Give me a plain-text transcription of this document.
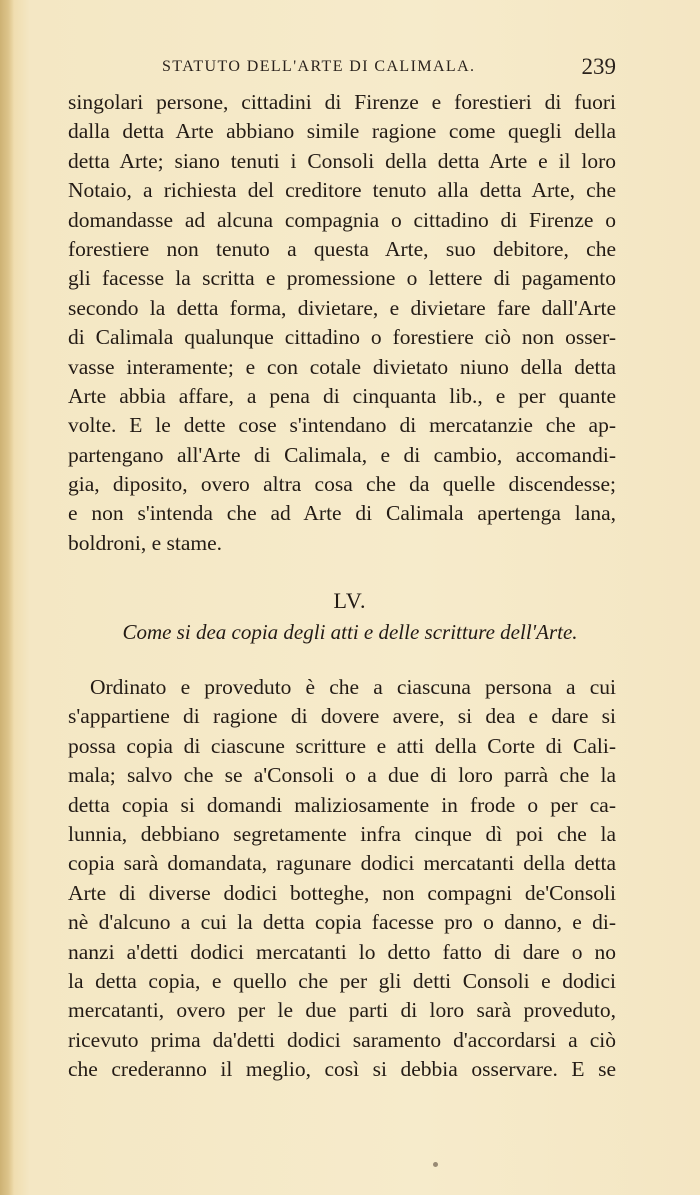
STATUTO DELL'ARTE DI CALIMALA.	239
singolari persone, cittadini di Firenze e forestieri di fuori
dalla detta Arte abbiano simile ragione come quegli della
detta Arte; siano tenuti i Consoli della detta Arte e il loro
Notaio, a richiesta del creditore tenuto alla detta Arte, che
domandasse ad alcuna compagnia o cittadino di Firenze o
forestiere non tenuto a questa Arte, suo debitore, che
gli facesse la scritta e promessione o lettere di pagamento
secondo la detta forma, divietare, e divietare fare dall'Arte
di Calimala qualunque cittadino o forestiere ciò non osser-
vasse interamente; e con cotale divietato niuno della detta
Arte abbia affare, a pena di cinquanta lib., e per quante
volte. E le dette cose s'intendano di mercatanzie che ap-
partengano all'Arte di Calimala, e di cambio, accomandi-
gia, diposito, overo altra cosa che da quelle discendesse;
e non s'intenda che ad Arte di Calimala apertenga lana,
boldroni, e stame.
LV.
Come si dea copia degli atti e delle scritture dell'Arte.
Ordinato e proveduto è che a ciascuna persona a cui
s'appartiene di ragione di dovere avere, si dea e dare si
possa copia di ciascune scritture e atti della Corte di Cali-
mala; salvo che se a'Consoli o a due di loro parrà che la
detta copia si domandi maliziosamente in frode o per ca-
lunnia, debbiano segretamente infra cinque dì poi che la
copia sarà domandata, ragunare dodici mercatanti della detta
Arte di diverse dodici botteghe, non compagni de'Consoli
nè d'alcuno a cui la detta copia facesse pro o danno, e di-
nanzi a'detti dodici mercatanti lo detto fatto di dare o no
la detta copia, e quello che per gli detti Consoli e dodici
mercatanti, overo per le due parti di loro sarà proveduto,
ricevuto prima da'detti dodici saramento d'accordarsi a ciò
che crederanno il meglio, così si debbia osservare. E se
